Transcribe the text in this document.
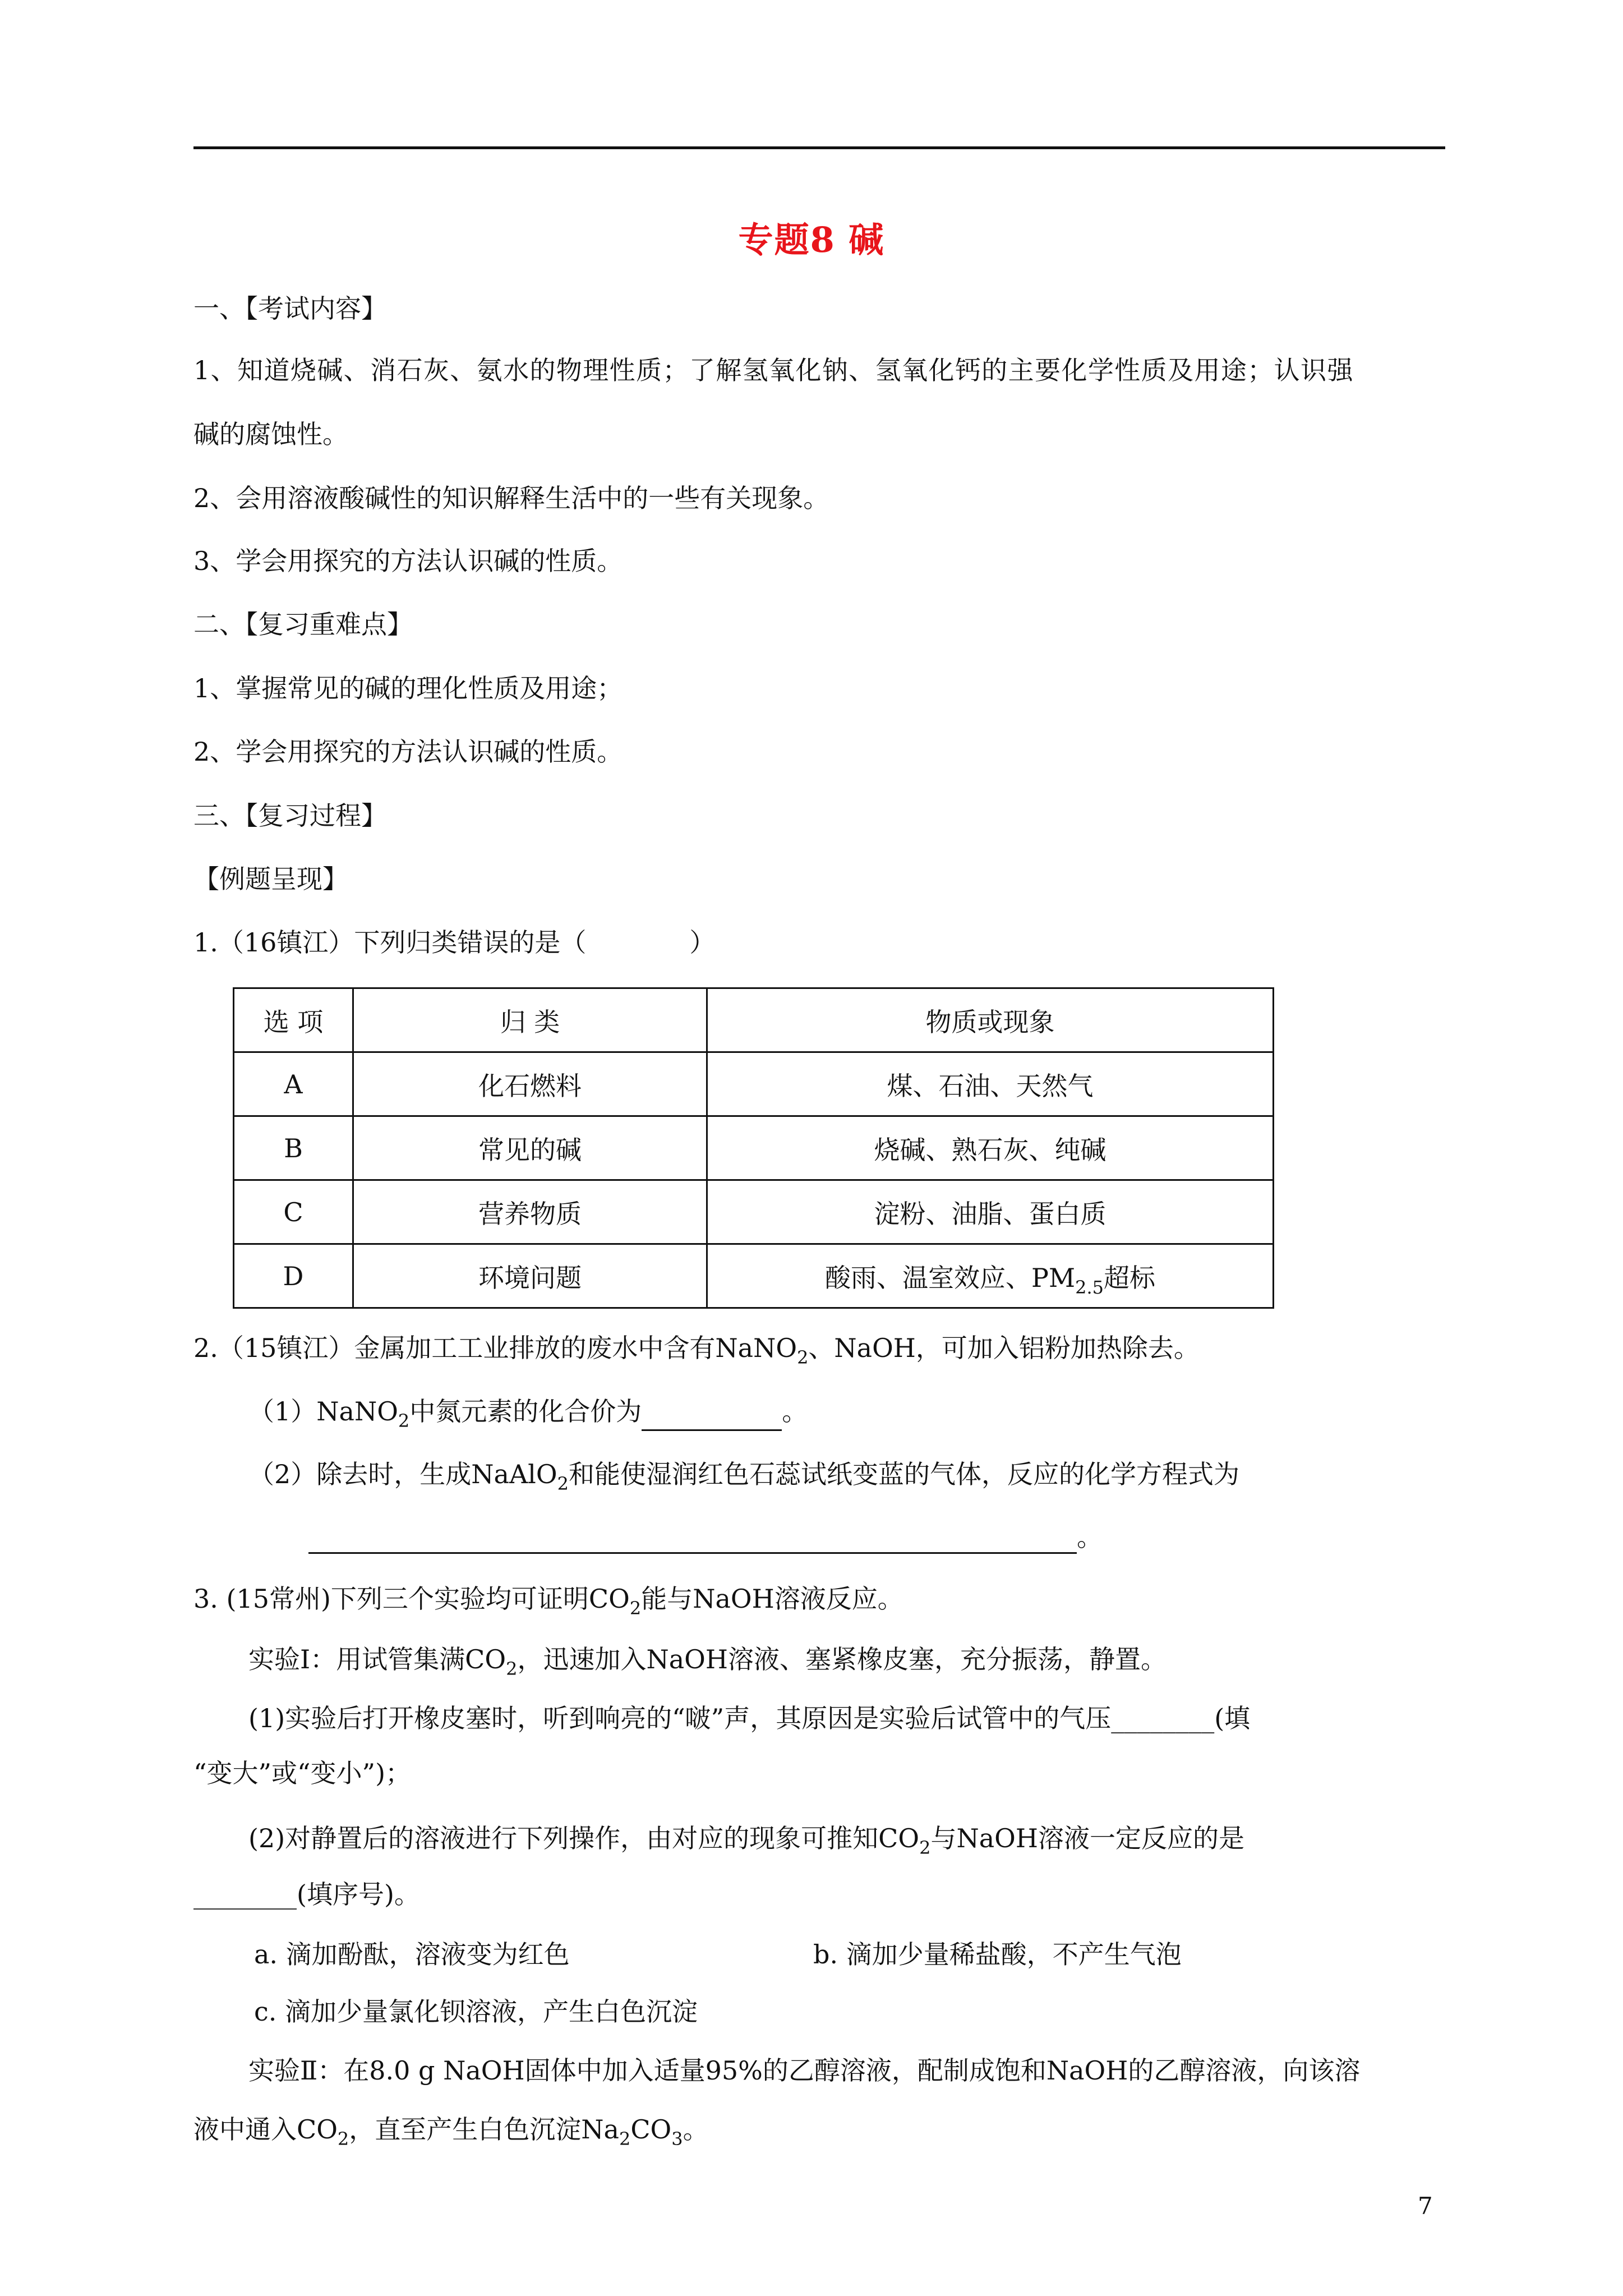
专题8 碱
一、【考试内容】
1、知道烧碱、消石灰、氨水的物理性质；了解氢氧化钠、氢氧化钙的主要化学性质及用途；认识强
碱的腐蚀性。
2、会用溶液酸碱性的知识解释生活中的一些有关现象。
3、学会用探究的方法认识碱的性质。
二、【复习重难点】
1、掌握常见的碱的理化性质及用途；
2、学会用探究的方法认识碱的性质。
三、【复习过程】
【例题呈现】
1.（16镇江）下列归类错误的是（　　　　）
选 项	归 类	物质或现象
A	化石燃料	煤、石油、天然气
B	常见的碱	烧碱、熟石灰、纯碱
C	营养物质	淀粉、油脂、蛋白质
D	环境问题	酸雨、温室效应、$PM_{2.5}$超标
2.（15镇江）金属加工工业排放的废水中含有NaNO$_2$、NaOH，可加入铝粉加热除去。
（1）NaNO$_2$中氮元素的化合价为	。
（2）除去时，生成NaAlO$_2$和能使湿润红色石蕊试纸变蓝的气体，反应的化学方程式为
。
3. (15常州)下列三个实验均可证明$CO_2$能与NaOH溶液反应。
实验Ⅰ：用试管集满$CO_2$，迅速加入NaOH溶液、塞紧橡皮塞，充分振荡，静置。
(1)实验后打开橡皮塞时，听到响亮的“啵”声，其原因是实验后试管中的气压________(填
“变大”或“变小”)；
(2)对静置后的溶液进行下列操作，由对应的现象可推知$CO_2$与NaOH溶液一定反应的是
________(填序号)。
a. 滴加酚酞，溶液变为红色	b. 滴加少量稀盐酸，不产生气泡
c. 滴加少量氯化钡溶液，产生白色沉淀
实验Ⅱ：在8.0 g NaOH固体中加入适量95%的乙醇溶液，配制成饱和NaOH的乙醇溶液，向该溶
液中通入$CO_2$，直至产生白色沉淀$Na_2CO_3$。
7
